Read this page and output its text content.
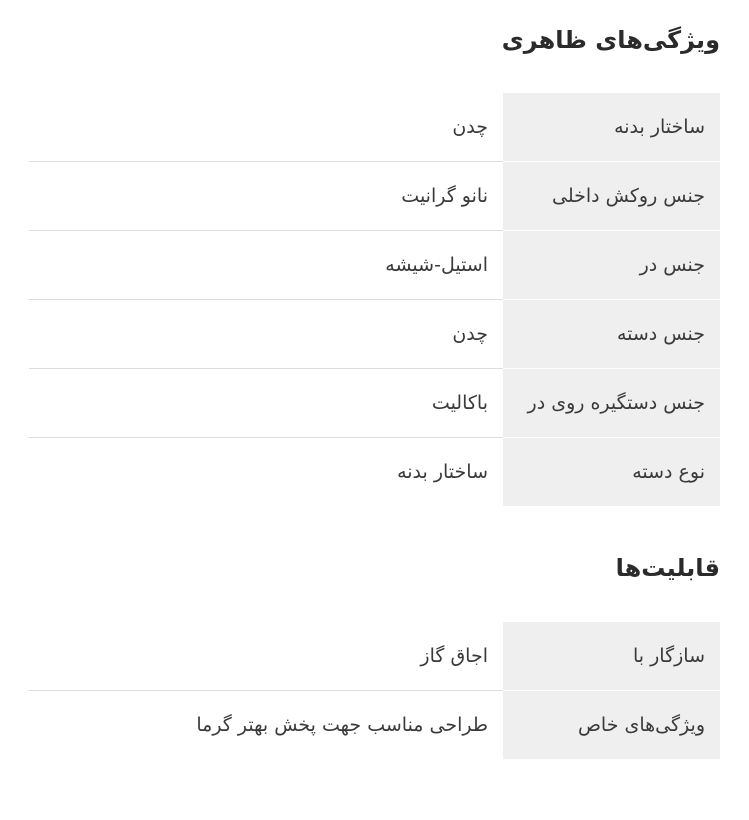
ویژگی‌های ظاهری
ساختار بدنه	چدن
جنس روکش داخلی	نانو گرانیت
جنس در	استیل-شیشه
جنس دسته	چدن
جنس دستگیره روی در	باکالیت
نوع دسته	ساختار بدنه
قابلیت‌ها
سازگار با	اجاق گاز
ویژگی‌های خاص	طراحی مناسب جهت پخش بهتر گرما
